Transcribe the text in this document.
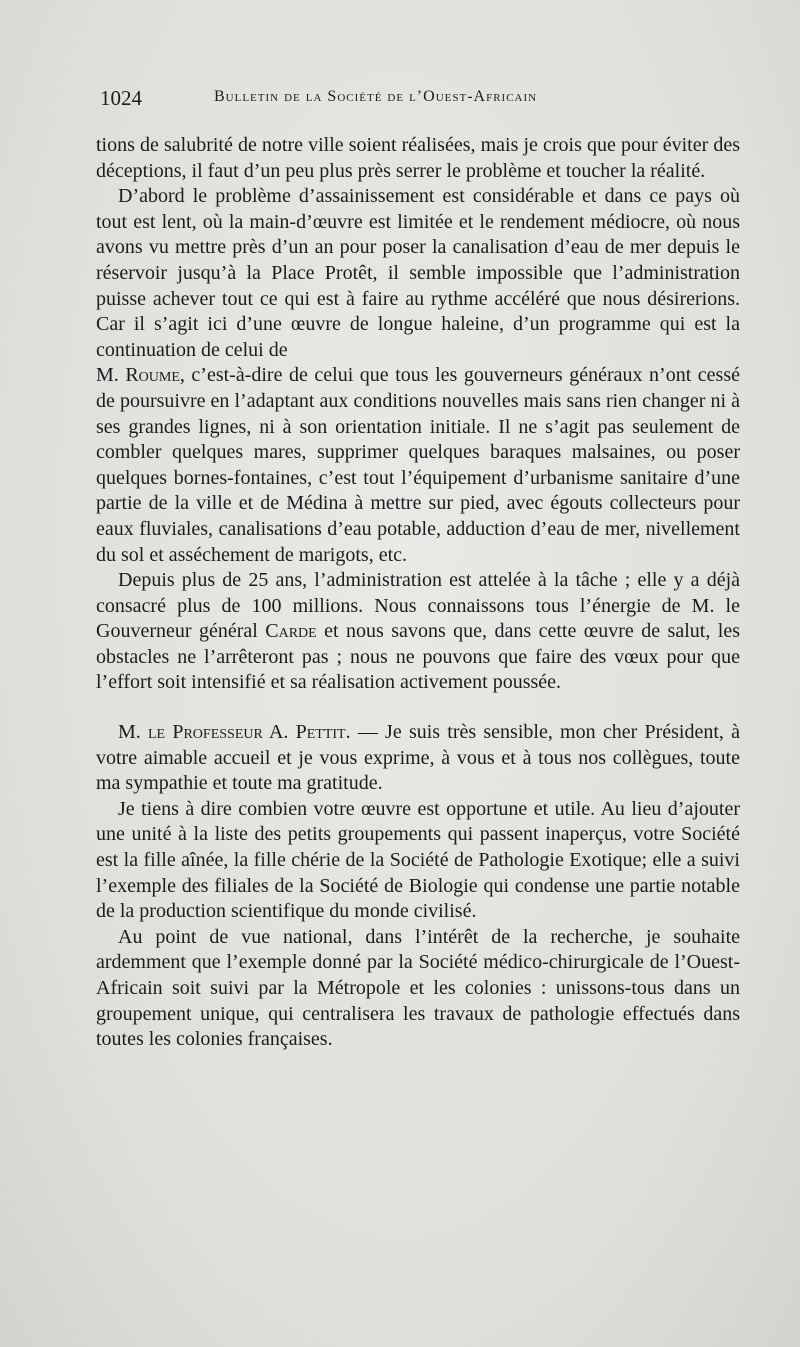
1024	Bulletin de la Société de l’Ouest-Africain

tions de salubrité de notre ville soient réalisées, mais je crois que pour éviter des déceptions, il faut d’un peu plus près serrer le problème et toucher la réalité.

D’abord le problème d’assainissement est considérable et dans ce pays où tout est lent, où la main-d’œuvre est limitée et le rendement médiocre, où nous avons vu mettre près d’un an pour poser la canalisation d’eau de mer depuis le réservoir jusqu’à la Place Protêt, il semble impossible que l’administration puisse achever tout ce qui est à faire au rythme accéléré que nous désirerions. Car il s’agit ici d’une œuvre de longue haleine, d’un programme qui est la continuation de celui de

M. Roume, c’est-à-dire de celui que tous les gouverneurs généraux n’ont cessé de poursuivre en l’adaptant aux conditions nouvelles mais sans rien changer ni à ses grandes lignes, ni à son orientation initiale. Il ne s’agit pas seulement de combler quelques mares, supprimer quelques baraques malsaines, ou poser quelques bornes-fontaines, c’est tout l’équipement d’urbanisme sanitaire d’une partie de la ville et de Médina à mettre sur pied, avec égouts collecteurs pour eaux fluviales, canalisations d’eau potable, adduction d’eau de mer, nivellement du sol et asséchement de marigots, etc.

Depuis plus de 25 ans, l’administration est attelée à la tâche ; elle y a déjà consacré plus de 100 millions. Nous connaissons tous l’énergie de M. le Gouverneur général Carde et nous savons que, dans cette œuvre de salut, les obstacles ne l’arrêteront pas ; nous ne pouvons que faire des vœux pour que l’effort soit intensifié et sa réalisation activement poussée.

M. le Professeur A. Pettit. — Je suis très sensible, mon cher Président, à votre aimable accueil et je vous exprime, à vous et à tous nos collègues, toute ma sympathie et toute ma gratitude.

Je tiens à dire combien votre œuvre est opportune et utile. Au lieu d’ajouter une unité à la liste des petits groupements qui passent inaperçus, votre Société est la fille aînée, la fille chérie de la Société de Pathologie Exotique; elle a suivi l’exemple des filiales de la Société de Biologie qui condense une partie notable de la production scientifique du monde civilisé.

Au point de vue national, dans l’intérêt de la recherche, je souhaite ardemment que l’exemple donné par la Société médico-chirurgicale de l’Ouest-Africain soit suivi par la Métropole et les colonies : unissons-tous dans un groupement unique, qui centralisera les travaux de pathologie effectués dans toutes les colonies françaises.
